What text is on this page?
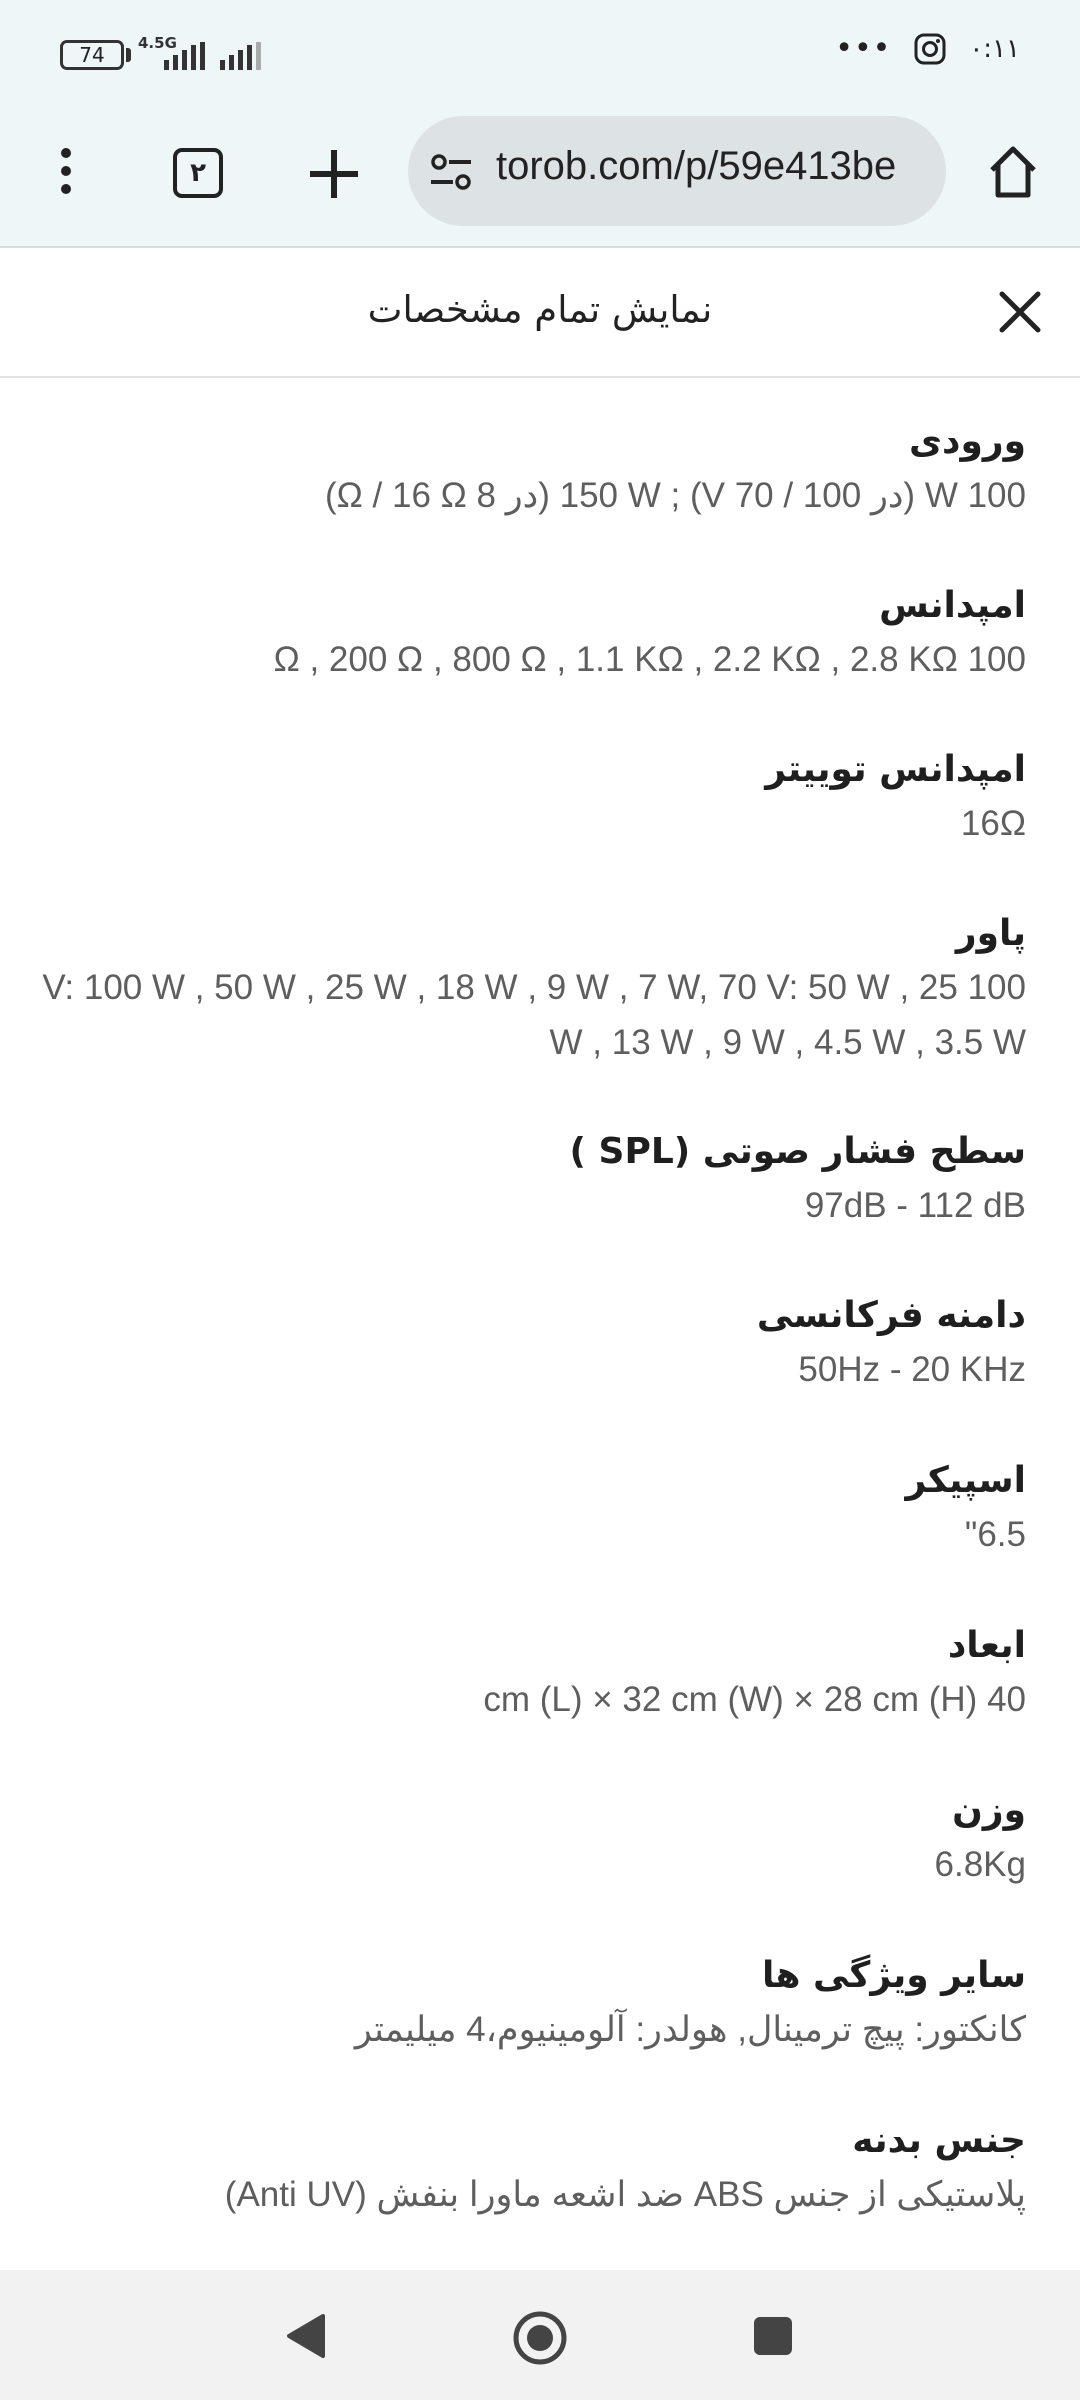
74	4.5G	•••	۰:۱۱
۲	torob.com/p/59e413be
نمایش تمام مشخصات
ورودی
100 W (در 100 / 70 V) ; 150 W (در 8 Ω / 16 Ω)
امپدانس
100 Ω , 200 Ω , 800 Ω , 1.1 KΩ , 2.2 KΩ , 2.8 KΩ
امپدانس توییتر
16Ω
پاور
100 V: 100 W , 50 W , 25 W , 18 W , 9 W , 7 W, 70 V: 50 W , 25 W , 13 W , 9 W , 4.5 W , 3.5 W
سطح فشار صوتی (SPL )
97dB - 112 dB
دامنه فرکانسی
50Hz - 20 KHz
اسپیکر
6.5"
ابعاد
40 cm (L) × 32 cm (W) × 28 cm (H)
وزن
6.8Kg
سایر ویژگی ها
کانکتور: پیچ ترمینال, هولدر: آلومینیوم،4 میلیمتر
جنس بدنه
پلاستیکی از جنس ABS ضد اشعه ماورا بنفش (Anti UV)
